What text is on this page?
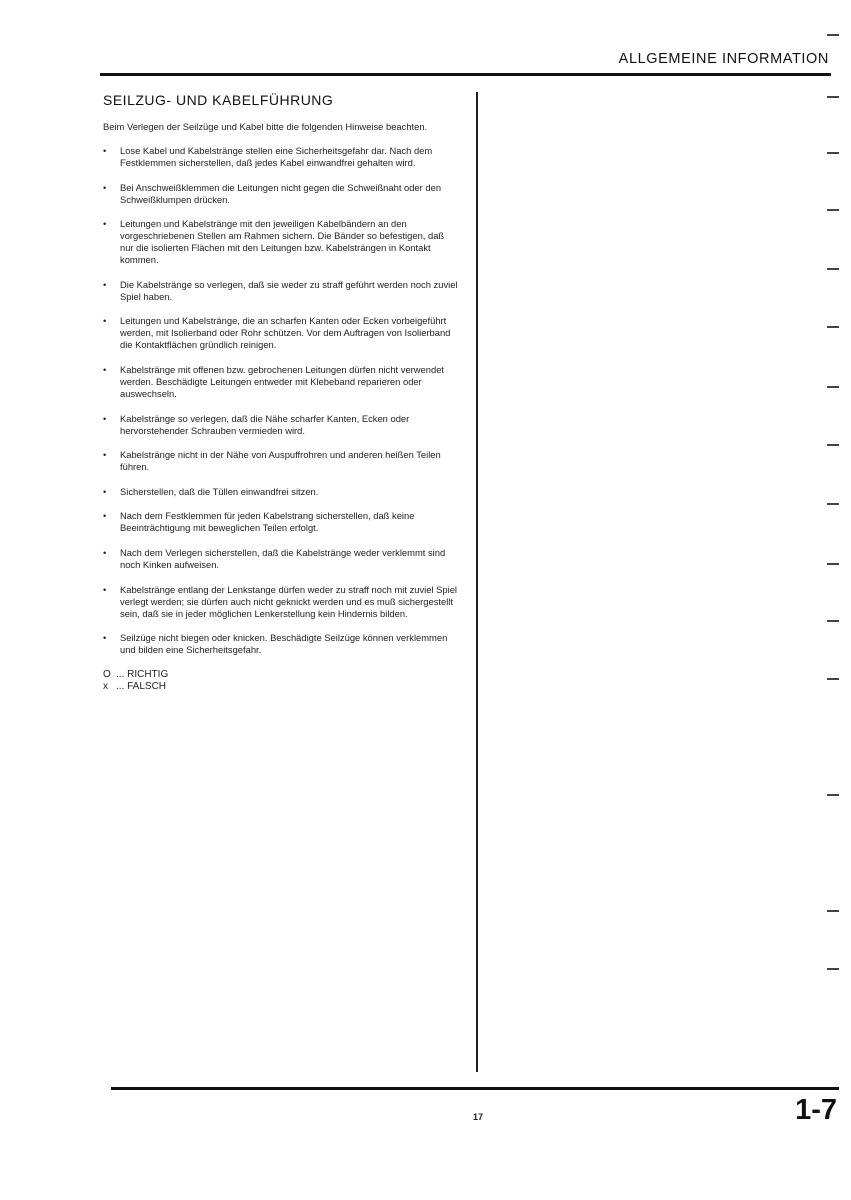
ALLGEMEINE INFORMATION
SEILZUG- UND KABELFÜHRUNG

Beim Verlegen der Seilzüge und Kabel bitte die folgenden Hinweise beachten.

•	Lose Kabel und Kabelstränge stellen eine Sicherheitsgefahr dar. Nach dem Festklemmen sicherstellen, daß jedes Kabel einwandfrei gehalten wird.
•	Bei Anschweißklemmen die Leitungen nicht gegen die Schweißnaht oder den Schweißklumpen drücken.
•	Leitungen und Kabelstränge mit den jeweiligen Kabelbändern an den vorgeschriebenen Stellen am Rahmen sichern. Die Bänder so befestigen, daß nur die isolierten Flächen mit den Leitungen bzw. Kabelsträngen in Kontakt kommen.
•	Die Kabelstränge so verlegen, daß sie weder zu straff geführt werden noch zuviel Spiel haben.
•	Leitungen und Kabelstränge, die an scharfen Kanten oder Ecken vorbeigeführt werden, mit Isolierband oder Rohr schützen. Vor dem Auftragen von Isolierband die Kontaktflächen gründlich reinigen.
•	Kabelstränge mit offenen bzw. gebrochenen Leitungen dürfen nicht verwendet werden. Beschädigte Leitungen entweder mit Klebeband reparieren oder auswechseln.
•	Kabelstränge so verlegen, daß die Nähe scharfer Kanten, Ecken oder hervorstehender Schrauben vermieden wird.
•	Kabelstränge nicht in der Nähe von Auspuffrohren und anderen heißen Teilen führen.
•	Sicherstellen, daß die Tüllen einwandfrei sitzen.
•	Nach dem Festklemmen für jeden Kabelstrang sicherstellen, daß keine Beeinträchtigung mit beweglichen Teilen erfolgt.
•	Nach dem Verlegen sicherstellen, daß die Kabelstränge weder verklemmt sind noch Kinken aufweisen.
•	Kabelstränge entlang der Lenkstange dürfen weder zu straff noch mit zuviel Spiel verlegt werden; sie dürfen auch nicht geknickt werden und es muß sichergestellt sein, daß sie in jeder möglichen Lenkerstellung kein Hindernis bilden.
•	Seilzüge nicht biegen oder knicken. Beschädigte Seilzüge können verklemmen und bilden eine Sicherheitsgefahr.
O ... RICHTIG
x ... FALSCH
17	1-7
